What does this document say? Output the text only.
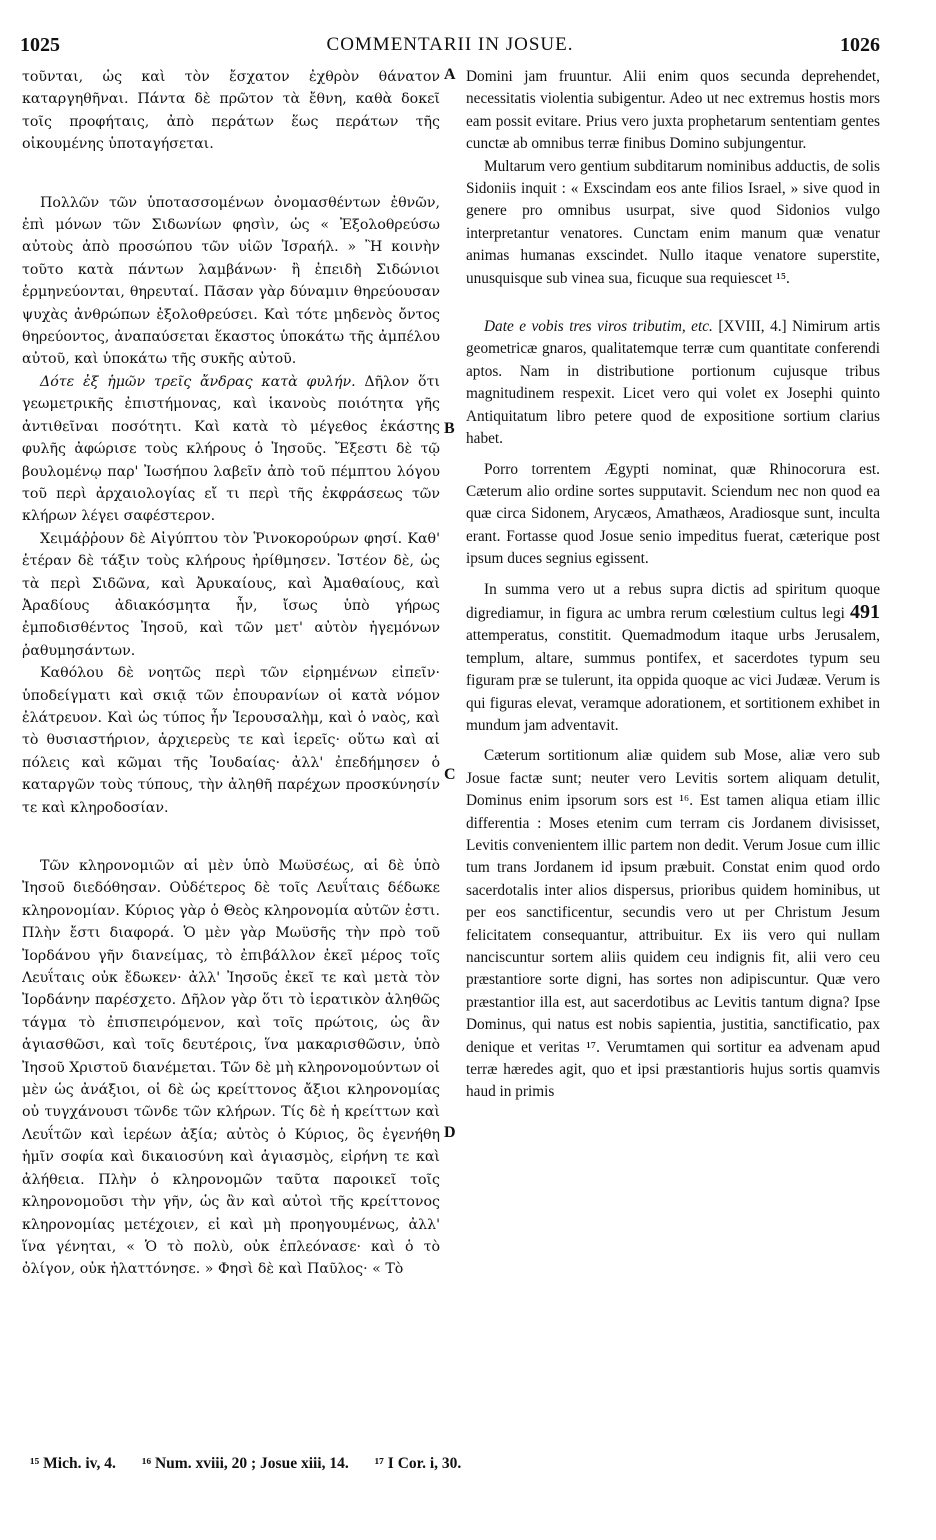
1025	COMMENTARII IN JOSUE.	1026

τοῦνται, ὡς καὶ τὸν ἔσχατον ἐχθρὸν θάνατον καταργηθῆναι. Πάντα δὲ πρῶτον τὰ ἔθνη, καθὰ δοκεῖ τοῖς προφήταις, ἀπὸ περάτων ἕως περάτων τῆς οἰκουμένης ὑποταγήσεται.

Πολλῶν τῶν ὑποτασσομένων ὀνομασθέντων ἐθνῶν, ἐπὶ μόνων τῶν Σιδωνίων φησὶν, ὡς « Ἐξολοθρεύσω αὐτοὺς ἀπὸ προσώπου τῶν υἱῶν Ἰσραήλ. » Ἢ κοινὴν τοῦτο κατὰ πάντων λαμβάνων· ἢ ἐπειδὴ Σιδώνιοι ἑρμηνεύονται, θηρευταί. Πᾶσαν γὰρ δύναμιν θηρεύουσαν ψυχὰς ἀνθρώπων ἐξολοθρεύσει. Καὶ τότε μηδενὸς ὄντος θηρεύοντος, ἀναπαύσεται ἕκαστος ὑποκάτω τῆς ἀμπέλου αὐτοῦ, καὶ ὑποκάτω τῆς συκῆς αὐτοῦ.

Δότε ἐξ ἡμῶν τρεῖς ἄνδρας κατὰ φυλήν. Δῆλον ὅτι γεωμετρικῆς ἐπιστήμονας, καὶ ἱκανοὺς ποιότητα γῆς ἀντιθεῖναι ποσότητι. Καὶ κατὰ τὸ μέγεθος ἑκάστης φυλῆς ἀφώρισε τοὺς κλήρους ὁ Ἰησοῦς. Ἔξεστι δὲ τῷ βουλομένῳ παρ' Ἰωσήπου λαβεῖν ἀπὸ τοῦ πέμπτου λόγου τοῦ περὶ ἀρχαιολογίας εἴ τι περὶ τῆς ἐκφράσεως τῶν κλήρων λέγει σαφέστερον.

Χειμάῤῥουν δὲ Αἰγύπτου τὸν Ῥινοκορούρων φησί. Καθ' ἑτέραν δὲ τάξιν τοὺς κλήρους ἠρίθμησεν. Ἰστέον δὲ, ὡς τὰ περὶ Σιδῶνα, καὶ Ἀρυκαίους, καὶ Ἀμαθαίους, καὶ Ἀραδίους ἀδιακόσμητα ἦν, ἴσως ὑπὸ γήρως ἐμποδισθέντος Ἰησοῦ, καὶ τῶν μετ' αὐτὸν ἡγεμόνων ῥαθυμησάντων.

Καθόλου δὲ νοητῶς περὶ τῶν εἰρημένων εἰπεῖν· ὑποδείγματι καὶ σκιᾷ τῶν ἐπουρανίων οἱ κατὰ νόμον ἐλάτρευον. Καὶ ὡς τύπος ἦν Ἱερουσαλὴμ, καὶ ὁ ναὸς, καὶ τὸ θυσιαστήριον, ἀρχιερεὺς τε καὶ ἱερεῖς· οὕτω καὶ αἱ πόλεις καὶ κῶμαι τῆς Ἰουδαίας· ἀλλ' ἐπεδήμησεν ὁ καταργῶν τοὺς τύπους, τὴν ἀληθῆ παρέχων προσκύνησίν τε καὶ κληροδοσίαν.

Τῶν κληρονομιῶν αἱ μὲν ὑπὸ Μωϋσέως, αἱ δὲ ὑπὸ Ἰησοῦ διεδόθησαν. Οὐδέτερος δὲ τοῖς Λευΐταις δέδωκε κληρονομίαν. Κύριος γὰρ ὁ Θεὸς κληρονομία αὐτῶν ἐστι. Πλὴν ἔστι διαφορά. Ὁ μὲν γὰρ Μωϋσῆς τὴν πρὸ τοῦ Ἰορδάνου γῆν διανείμας, τὸ ἐπιβάλλον ἐκεῖ μέρος τοῖς Λευΐταις οὐκ ἔδωκεν· ἀλλ' Ἰησοῦς ἐκεῖ τε καὶ μετὰ τὸν Ἰορδάνην παρέσχετο. Δῆλον γὰρ ὅτι τὸ ἱερατικὸν ἀληθῶς τάγμα τὸ ἐπισπειρόμενον, καὶ τοῖς πρώτοις, ὡς ἂν ἁγιασθῶσι, καὶ τοῖς δευτέροις, ἵνα μακαρισθῶσιν, ὑπὸ Ἰησοῦ Χριστοῦ διανέμεται. Τῶν δὲ μὴ κληρονομούντων οἱ μὲν ὡς ἀνάξιοι, οἱ δὲ ὡς κρείττονος ἄξιοι κληρονομίας οὐ τυγχάνουσι τῶνδε τῶν κλήρων. Τίς δὲ ἡ κρείττων καὶ Λευΐτῶν καὶ ἱερέων ἀξία; αὐτὸς ὁ Κύριος, ὃς ἐγενήθη ἡμῖν σοφία καὶ δικαιοσύνη καὶ ἁγιασμὸς, εἰρήνη τε καὶ ἀλήθεια. Πλὴν ὁ κληρονομῶν ταῦτα παροικεῖ τοῖς κληρονομοῦσι τὴν γῆν, ὡς ἂν καὶ αὐτοὶ τῆς κρείττονος κληρονομίας μετέχοιεν, εἰ καὶ μὴ προηγουμένως, ἀλλ' ἵνα γένηται, « Ὁ τὸ πολὺ, οὐκ ἐπλεόνασε· καὶ ὁ τὸ ὀλίγον, οὐκ ἠλαττόνησε. » Φησὶ δὲ καὶ Παῦλος· « Τὸ

A
B
C
D

Domini jam fruuntur. Alii enim quos secunda deprehendet, necessitatis violentia subigentur. Adeo ut nec extremus hostis mors eam possit evitare. Prius vero juxta prophetarum sententiam gentes cunctæ ab omnibus terræ finibus Domino subjungentur.

Multarum vero gentium subditarum nominibus adductis, de solis Sidoniis inquit : « Exscindam eos ante filios Israel, » sive quod in genere pro omnibus usurpat, sive quod Sidonios vulgo interpretantur venatores. Cunctam enim manum quæ venatur animas humanas exscindet. Nullo itaque venatore superstite, unusquisque sub vinea sua, ficuque sua requiescet ¹⁵.

Date e vobis tres viros tributim, etc. [XVIII, 4.] Nimirum artis geometricæ gnaros, qualitatemque terræ cum quantitate conferendi aptos. Nam in distributione portionum cujusque tribus magnitudinem respexit. Licet vero qui volet ex Josephi quinto Antiquitatum libro petere quod de expositione sortium clarius habet.

Porro torrentem Ægypti nominat, quæ Rhinocorura est. Cæterum alio ordine sortes supputavit. Sciendum nec non quod ea quæ circa Sidonem, Arycæos, Amathæos, Aradiosque sunt, inculta erant. Fortasse quod Josue senio impeditus fuerat, cæterique post ipsum duces segnius egissent.

In summa vero ut a rebus supra dictis ad spiritum quoque digrediamur, in figura ac umbra rerum cœlestium cultus legi 491 attemperatus, constitit. Quemadmodum itaque urbs Jerusalem, templum, altare, summus pontifex, et sacerdotes typum seu figuram præ se tulerunt, ita oppida quoque ac vici Judææ. Verum is qui figuras elevat, veramque adorationem, et sortitionem exhibet in mundum jam adventavit.

Cæterum sortitionum aliæ quidem sub Mose, aliæ vero sub Josue factæ sunt; neuter vero Levitis sortem aliquam detulit, Dominus enim ipsorum sors est ¹⁶. Est tamen aliqua etiam illic differentia : Moses etenim cum terram cis Jordanem divisisset, Levitis convenientem illic partem non dedit. Verum Josue cum illic tum trans Jordanem id ipsum præbuit. Constat enim quod ordo sacerdotalis inter alios dispersus, prioribus quidem hominibus, ut per eos sanctificentur, secundis vero ut per Christum Jesum felicitatem consequantur, attribuitur. Ex iis vero qui nullam nanciscuntur sortem aliis quidem ceu indignis fit, alii vero ceu præstantiore sorte digni, has sortes non adipiscuntur. Quæ vero præstantior illa est, aut sacerdotibus ac Levitis tantum digna? Ipse Dominus, qui natus est nobis sapientia, justitia, sanctificatio, pax denique et veritas ¹⁷. Verumtamen qui sortitur ea advenam apud terræ hæredes agit, quo et ipsi præstantioris hujus sortis quamvis haud in primis

¹⁵ Mich. iv, 4. ¹⁶ Num. xviii, 20 ; Josue xiii, 14. ¹⁷ I Cor. i, 30.
